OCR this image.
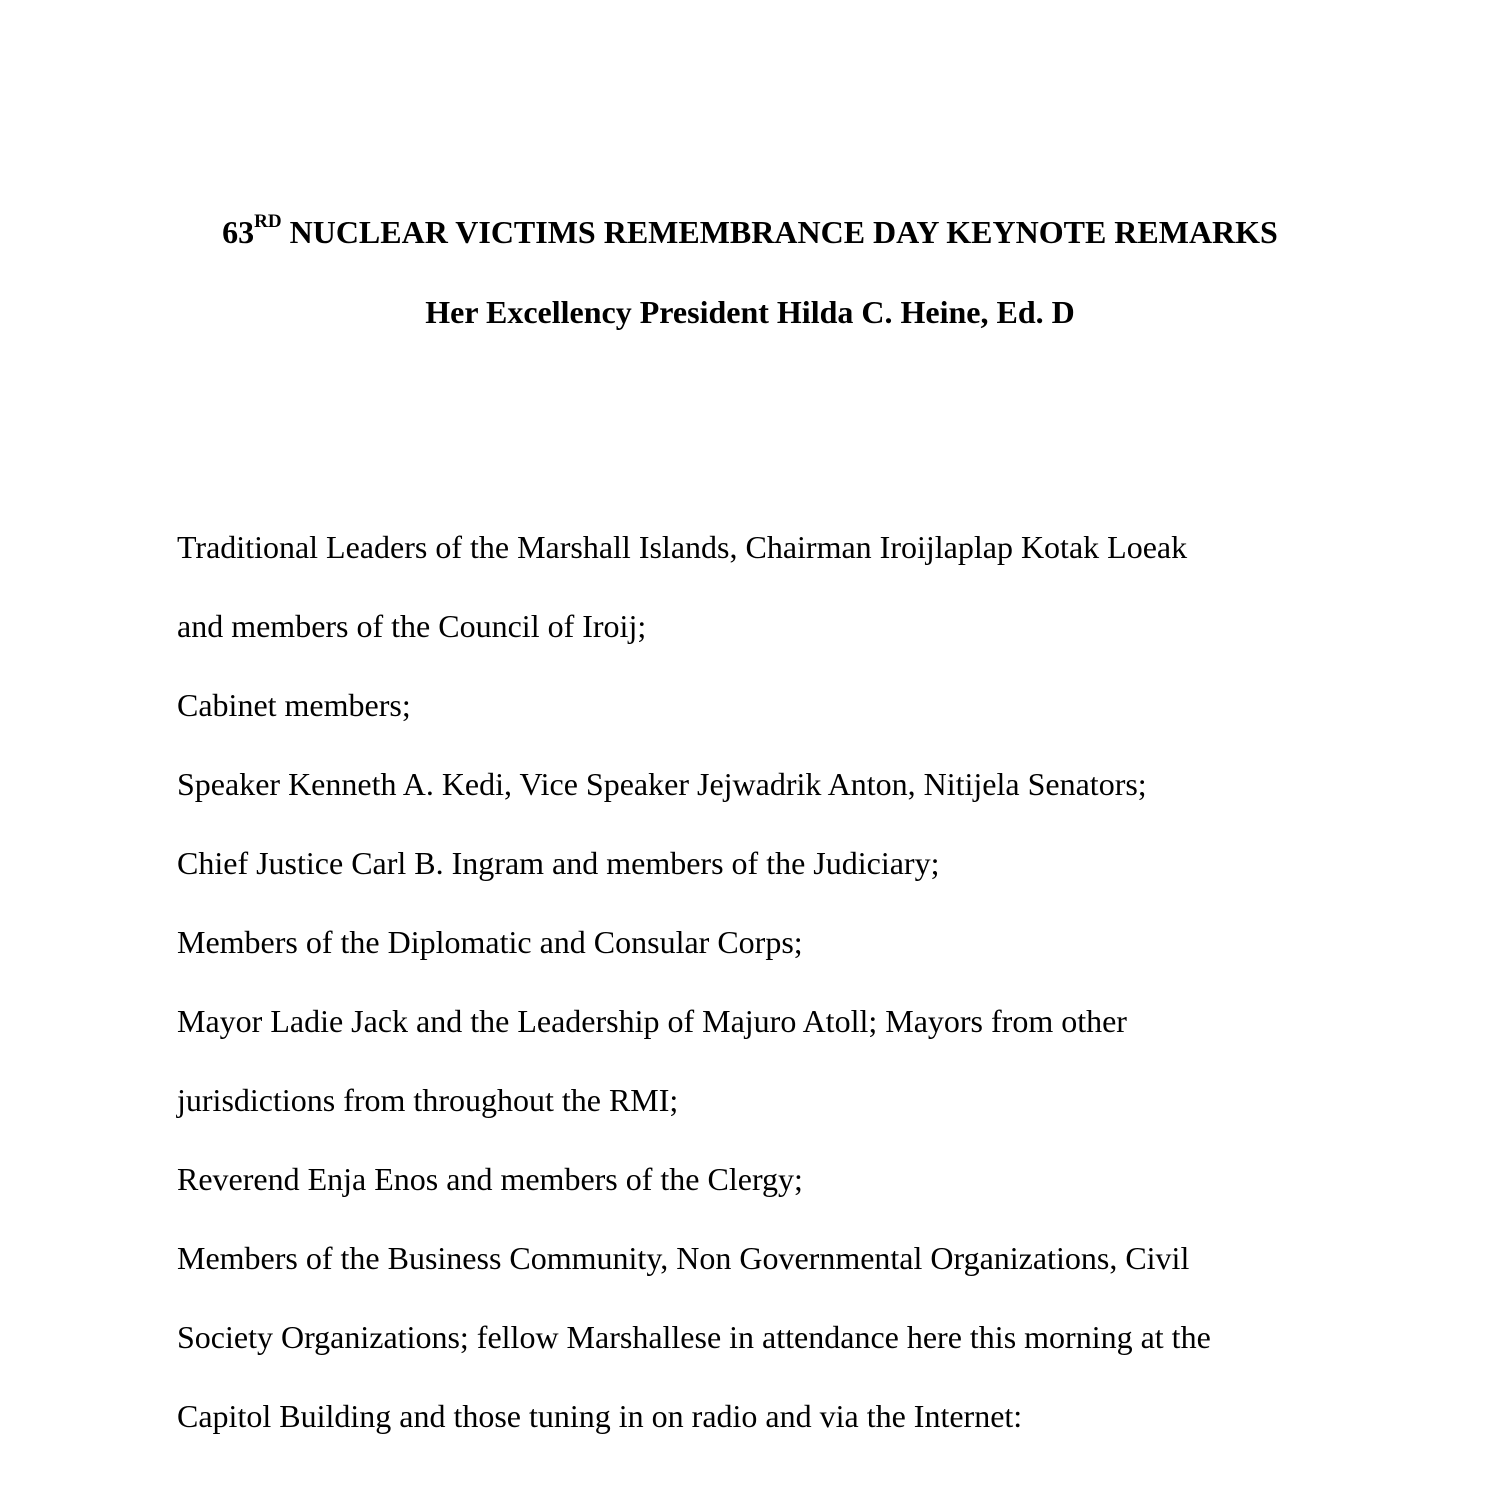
63RD NUCLEAR VICTIMS REMEMBRANCE DAY KEYNOTE REMARKS
Her Excellency President Hilda C. Heine, Ed. D
Traditional Leaders of the Marshall Islands, Chairman Iroijlaplap Kotak Loeak
and members of the Council of Iroij;
Cabinet members;
Speaker Kenneth A. Kedi, Vice Speaker Jejwadrik Anton, Nitijela Senators;
Chief Justice Carl B. Ingram and members of the Judiciary;
Members of the Diplomatic and Consular Corps;
Mayor Ladie Jack and the Leadership of Majuro Atoll; Mayors from other
jurisdictions from throughout the RMI;
Reverend Enja Enos and members of the Clergy;
Members of the Business Community, Non Governmental Organizations, Civil
Society Organizations; fellow Marshallese in attendance here this morning at the
Capitol Building and those tuning in on radio and via the Internet:
